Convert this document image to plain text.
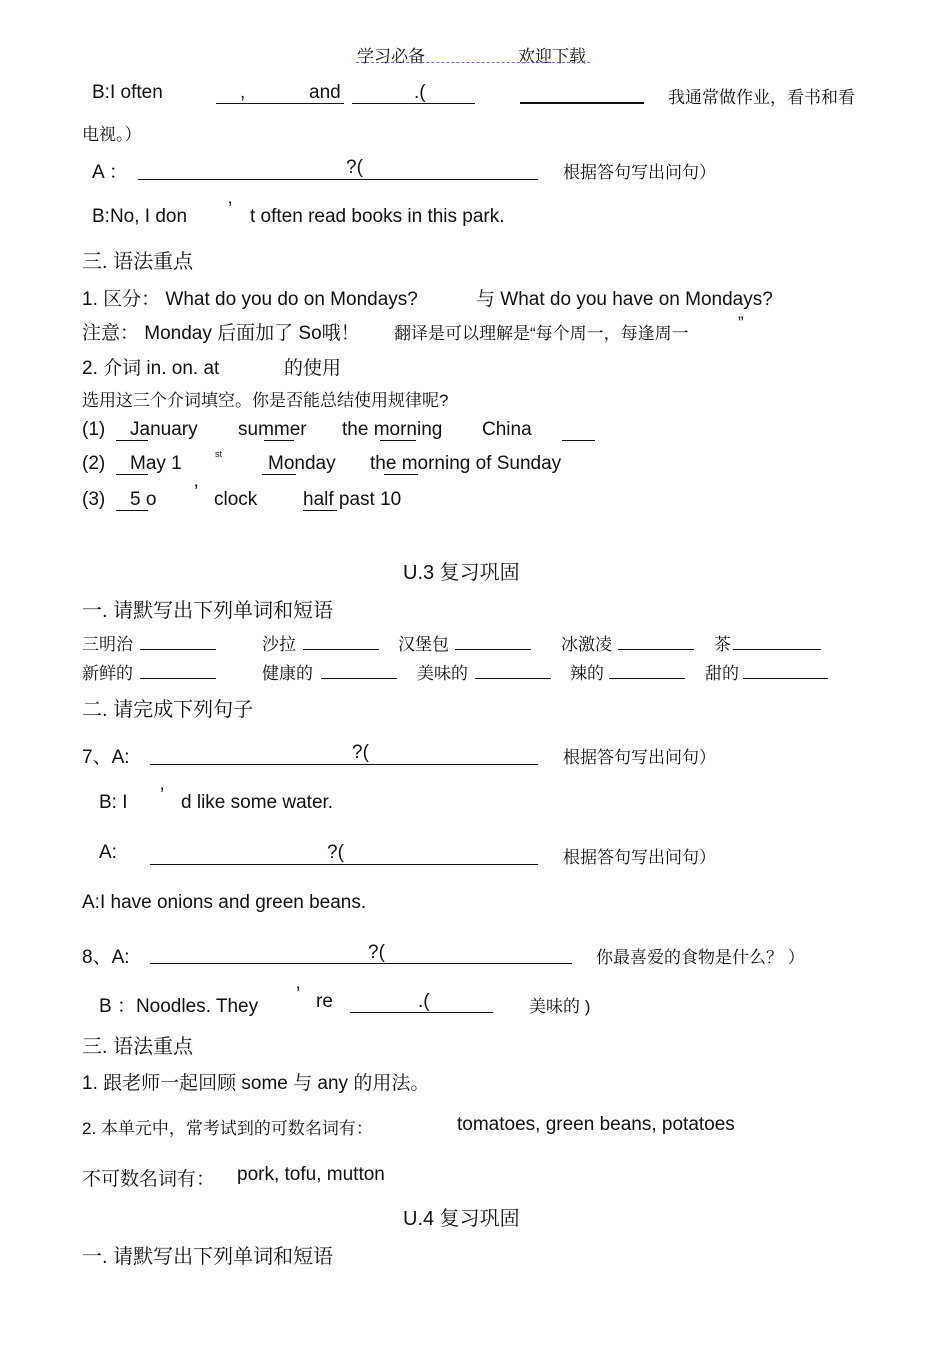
学习必备	欢迎下载
B:I often	,	and	.(	我通常做作业，看书和看
电视。）
A ：	?(	根据答句写出问句）
B:No, I don ’ t often read books in this park.
三. 语法重点
1. 区分： What do you do on Mondays?	与 What do you have on Mondays?
注意： Monday 后面加了 So哦！ 翻译是可以理解是“每个周一，每逢周一
”
2. 介词 in. on. at	的使用
选用这三个介词填空。你是否能总结使用规律呢?
(1) January summer the morning China
(2) May 1	st Monday the morning of Sunday
(3) 5 o ’ clock half past 10
U.3 复习巩固
一. 请默写出下列单词和短语
三明治	沙拉	汉堡包	冰激凌	茶
新鲜的	健康的	美味的	辣的	甜的
二. 请完成下列句子
7、A:	?(	根据答句写出问句）
B: I ’ d like some water.
A:	?(	根据答句写出问句）
A:I have onions and green beans.
8、A:	?(	你最喜爱的食物是什么？ ）
B ：Noodles. They
’ re	.(	美味的 )
三. 语法重点
1. 跟老师一起回顾 some 与 any 的用法。
2. 本单元中，常考试到的可数名词有：	tomatoes, green beans, potatoes
不可数名词有： pork, tofu, mutton
U.4 复习巩固
一. 请默写出下列单词和短语
